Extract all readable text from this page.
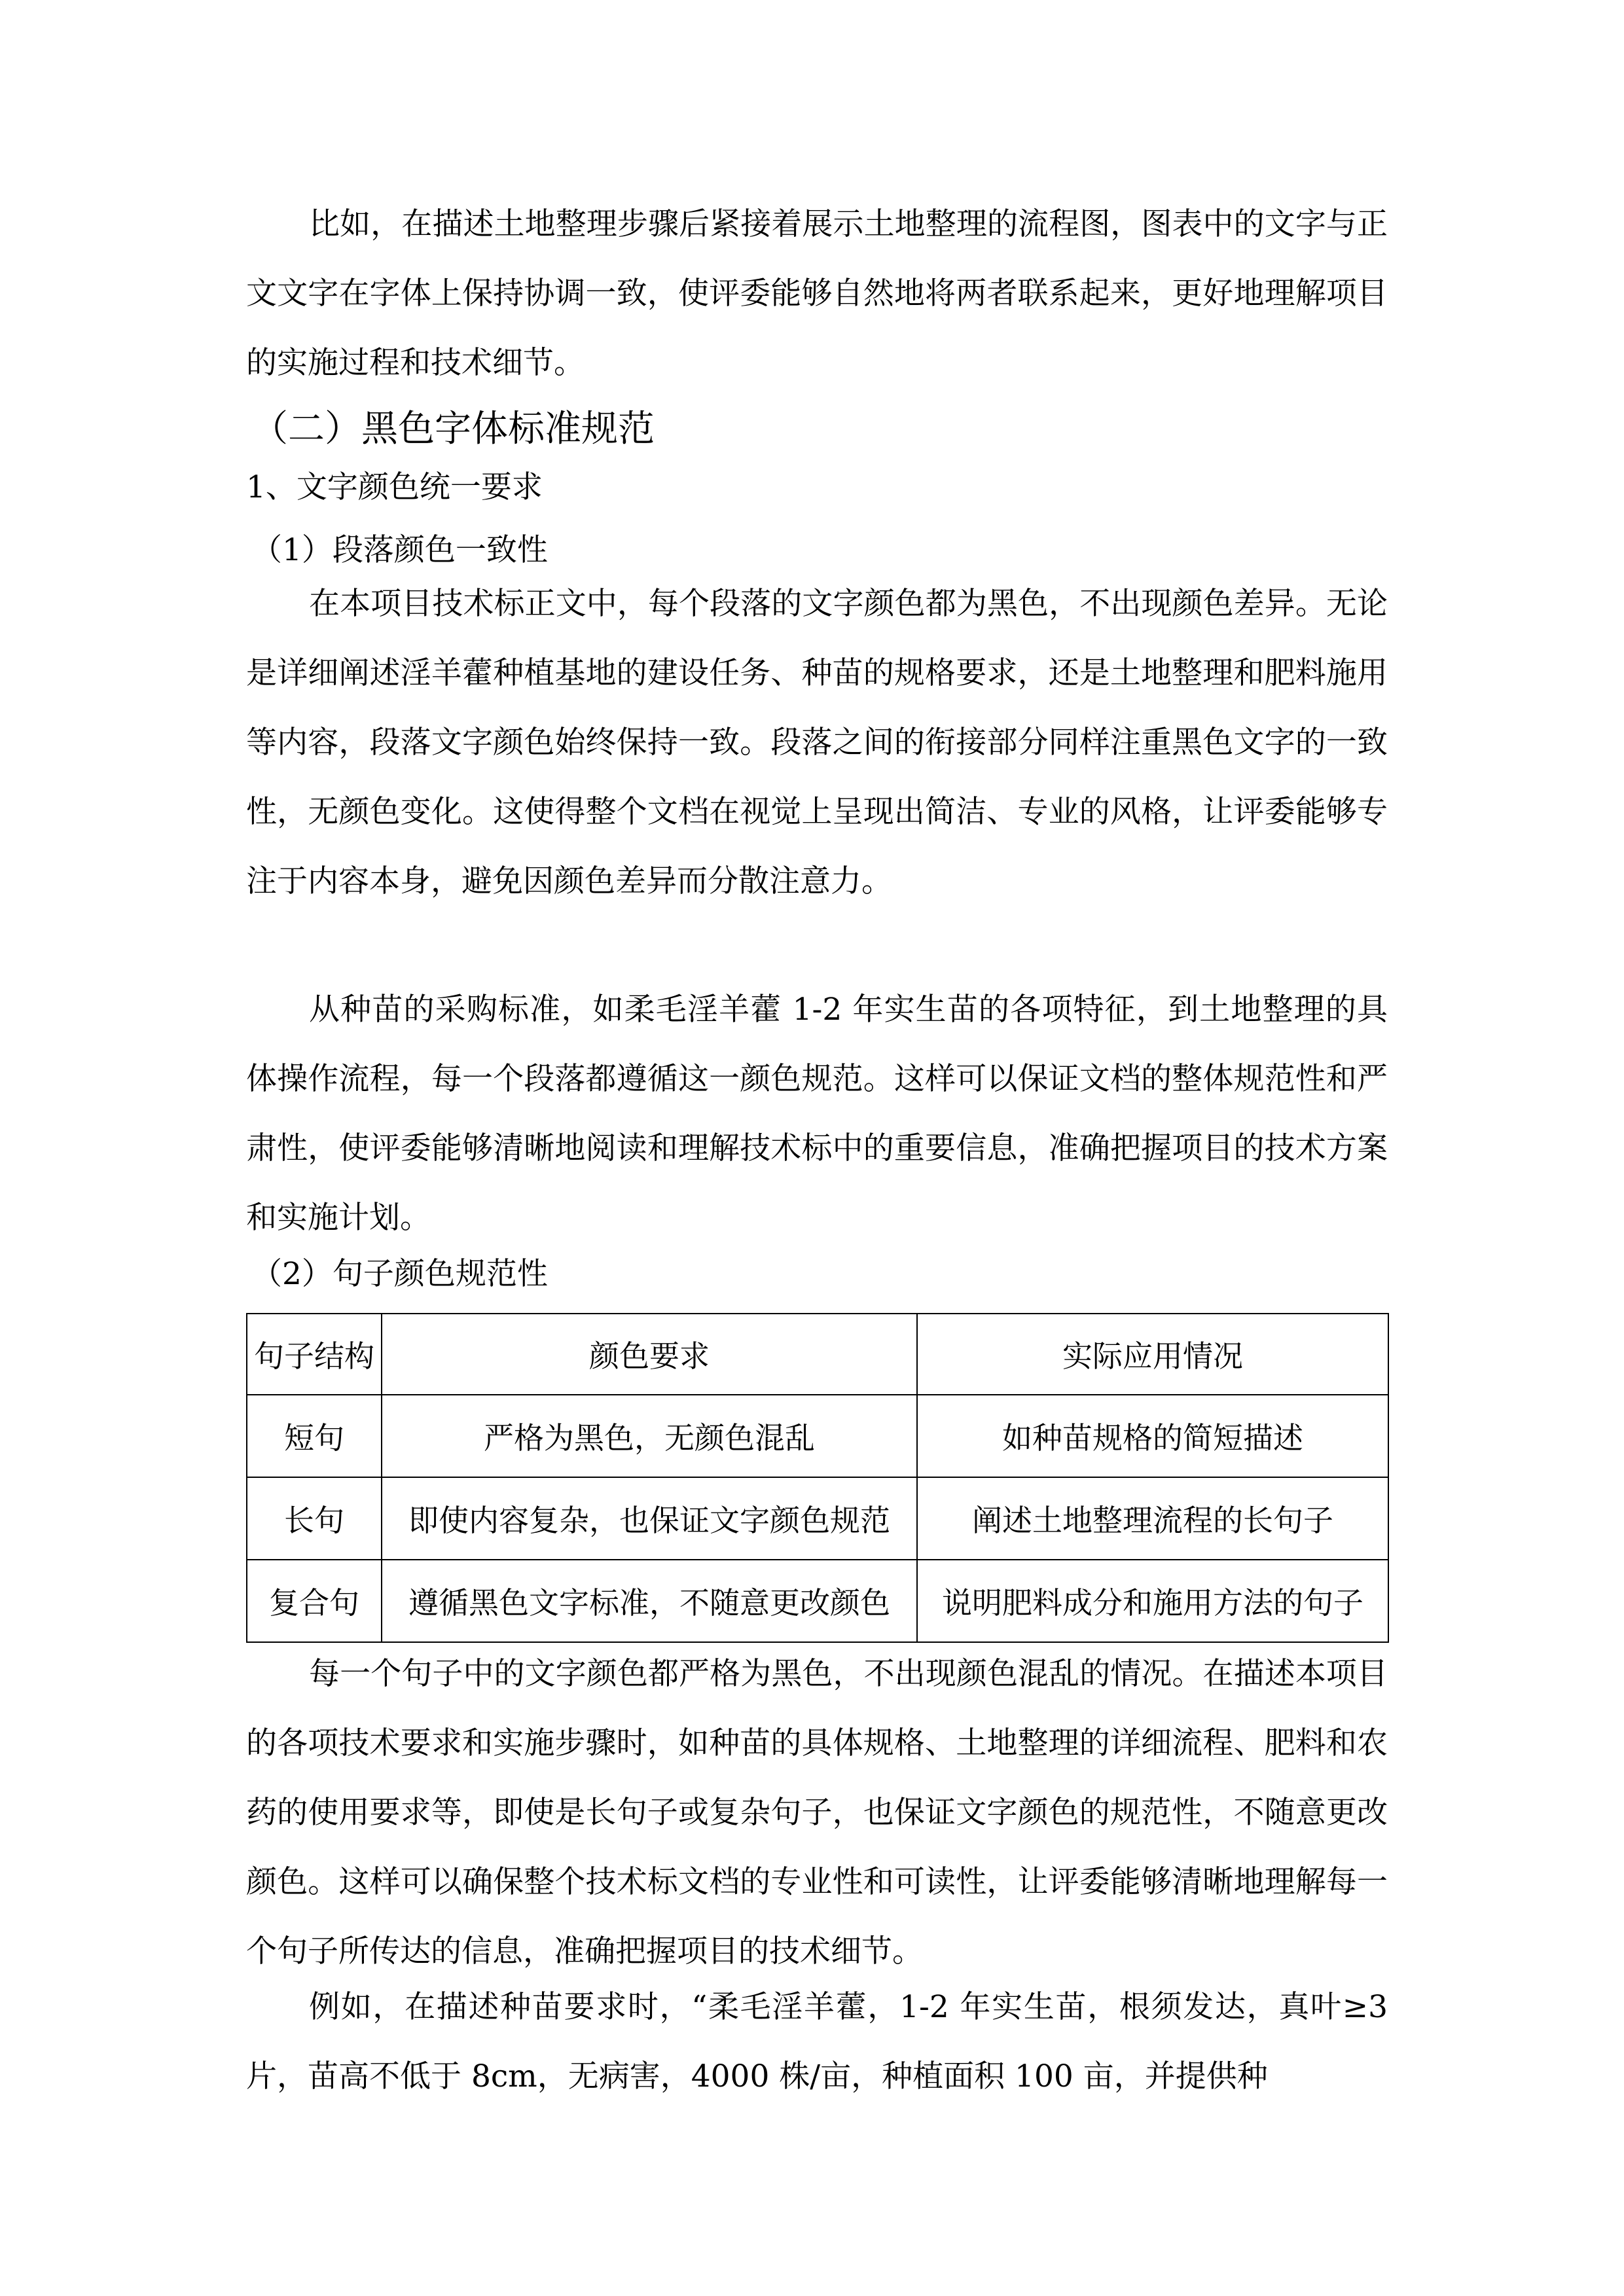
比如，在描述土地整理步骤后紧接着展示土地整理的流程图，图表中的文字与正文文字在字体上保持协调一致，使评委能够自然地将两者联系起来，更好地理解项目的实施过程和技术细节。

（二）黑色字体标准规范
1、文字颜色统一要求
（1）段落颜色一致性

在本项目技术标正文中，每个段落的文字颜色都为黑色，不出现颜色差异。无论是详细阐述淫羊藿种植基地的建设任务、种苗的规格要求，还是土地整理和肥料施用等内容，段落文字颜色始终保持一致。段落之间的衔接部分同样注重黑色文字的一致性，无颜色变化。这使得整个文档在视觉上呈现出简洁、专业的风格，让评委能够专注于内容本身，避免因颜色差异而分散注意力。

从种苗的采购标准，如柔毛淫羊藿 1-2 年实生苗的各项特征，到土地整理的具体操作流程，每一个段落都遵循这一颜色规范。这样可以保证文档的整体规范性和严肃性，使评委能够清晰地阅读和理解技术标中的重要信息，准确把握项目的技术方案和实施计划。

（2）句子颜色规范性
句子结构	颜色要求	实际应用情况
短句	严格为黑色，无颜色混乱	如种苗规格的简短描述
长句	即使内容复杂，也保证文字颜色规范	阐述土地整理流程的长句子
复合句	遵循黑色文字标准，不随意更改颜色	说明肥料成分和施用方法的句子

每一个句子中的文字颜色都严格为黑色，不出现颜色混乱的情况。在描述本项目的各项技术要求和实施步骤时，如种苗的具体规格、土地整理的详细流程、肥料和农药的使用要求等，即使是长句子或复杂句子，也保证文字颜色的规范性，不随意更改颜色。这样可以确保整个技术标文档的专业性和可读性，让评委能够清晰地理解每一个句子所传达的信息，准确把握项目的技术细节。

例如，在描述种苗要求时，“柔毛淫羊藿，1-2 年实生苗，根须发达，真叶≥3 片，苗高不低于 8cm，无病害，4000 株/亩，种植面积 100 亩，并提供种
